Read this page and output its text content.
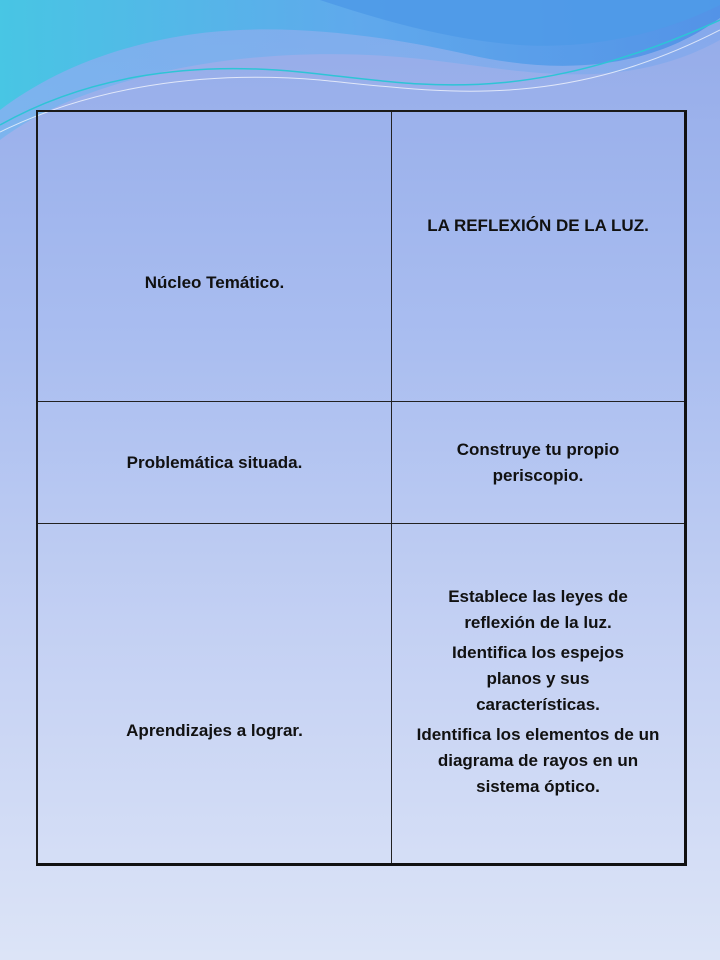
Núcleo Temático.
LA REFLEXIÓN DE LA LUZ.
Problemática situada.
Construye tu propio periscopio.
Aprendizajes a lograr.

Establece las leyes de reflexión de la luz.

Identifica los espejos planos y sus características.

Identifica los elementos de un diagrama de rayos en un sistema óptico.
